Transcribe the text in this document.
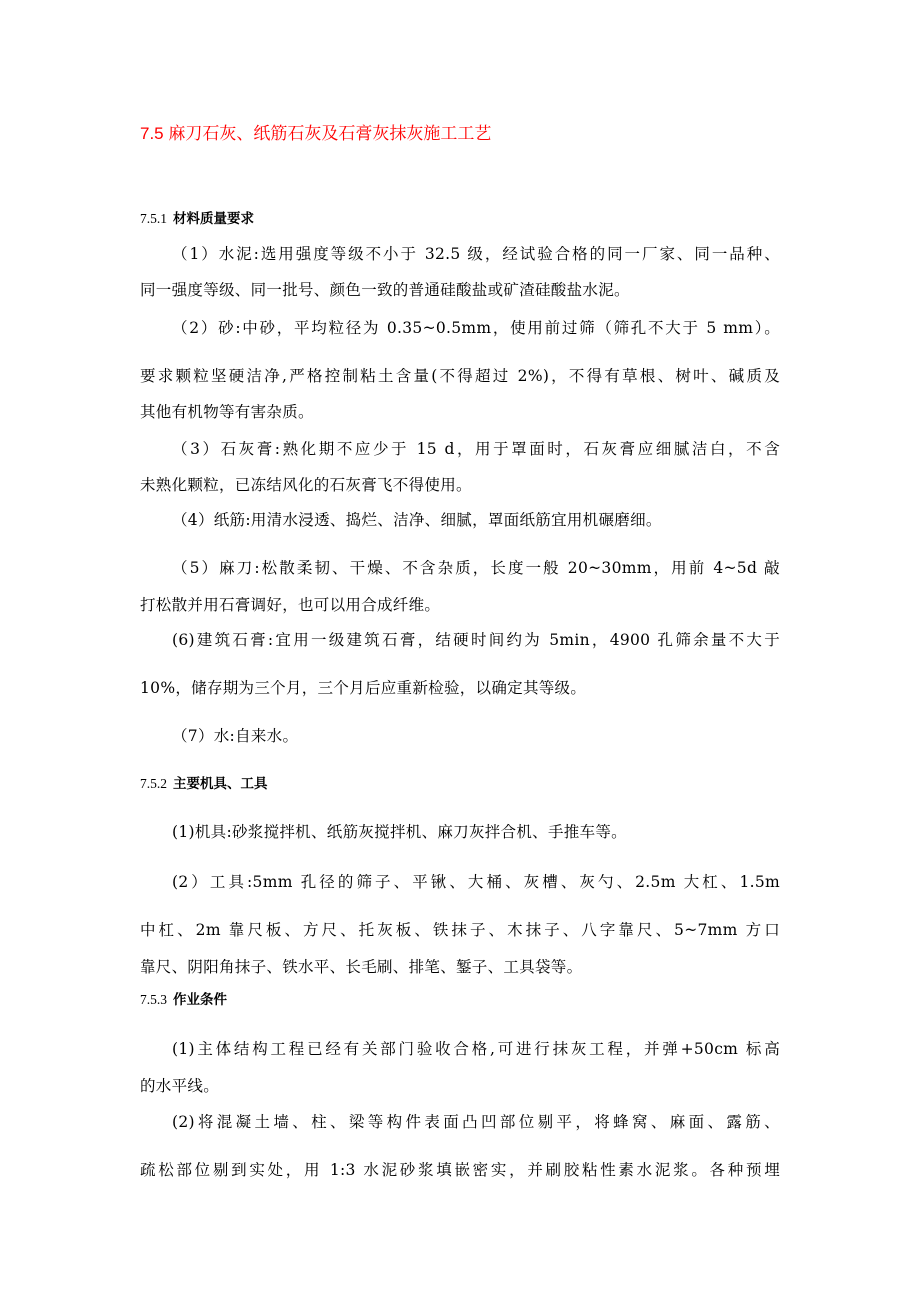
7.5 麻刀石灰、纸筋石灰及石膏灰抹灰施工工艺
7.5.1 材料质量要求
（1）水泥:选用强度等级不小于 32.5 级，经试验合格的同一厂家、同一品种、
同一强度等级、同一批号、颜色一致的普通硅酸盐或矿渣硅酸盐水泥。
（2）砂:中砂，平均粒径为 0.35~0.5mm，使用前过筛（筛孔不大于 5 mm）。
要求颗粒坚硬洁净,严格控制粘土含量(不得超过 2%)，不得有草根、树叶、碱质及
其他有机物等有害杂质。
（3）石灰膏:熟化期不应少于 15 d，用于罩面时，石灰膏应细腻洁白，不含
未熟化颗粒，已冻结风化的石灰膏飞不得使用。
（4）纸筋:用清水浸透、捣烂、洁净、细腻，罩面纸筋宜用机碾磨细。
（5）麻刀:松散柔韧、干燥、不含杂质，长度一般 20~30mm，用前 4~5d 敲
打松散并用石膏调好，也可以用合成纤维。
(6)建筑石膏:宜用一级建筑石膏，结硬时间约为 5min，4900 孔筛余量不大于
10%，储存期为三个月，三个月后应重新检验，以确定其等级。
（7）水:自来水。
7.5.2 主要机具、工具
(1)机具:砂浆搅拌机、纸筋灰搅拌机、麻刀灰拌合机、手推车等。
(2）工具:5mm 孔径的筛子、平锹、大桶、灰槽、灰勺、2.5m 大杠、1.5m
中杠、2m 靠尺板、方尺、托灰板、铁抹子、木抹子、八字靠尺、5~7mm 方口
靠尺、阴阳角抹子、铁水平、长毛刷、排笔、錾子、工具袋等。
7.5.3 作业条件
(1)主体结构工程已经有关部门验收合格,可进行抹灰工程，并弹+50cm 标高
的水平线。
(2)将混凝土墙、柱、梁等构件表面凸凹部位剔平，将蜂窝、麻面、露筋、
疏松部位剔到实处，用 1:3 水泥砂浆填嵌密实，并刷胶粘性素水泥浆。各种预埋
